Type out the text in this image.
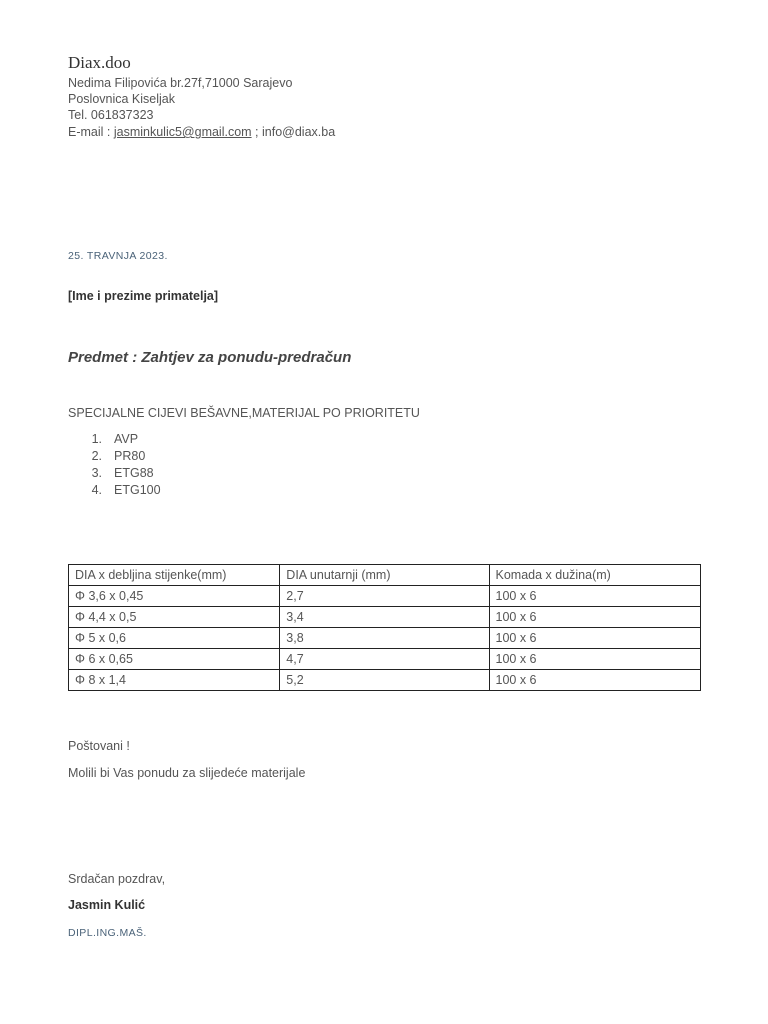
Diax.doo
Nedima Filipovića br.27f,71000 Sarajevo
Poslovnica Kiseljak
Tel. 061837323
E-mail : jasminkulic5@gmail.com ; info@diax.ba
25. TRAVNJA 2023.
[Ime i prezime primatelja]
Predmet : Zahtjev za ponudu-predračun
SPECIJALNE CIJEVI BEŠAVNE,MATERIJAL PO PRIORITETU
1. AVP
2. PR80
3. ETG88
4. ETG100
DIA x debljina stijenke(mm)	DIA unutarnji (mm)	Komada x dužina(m)
Φ 3,6 x 0,45	2,7	100 x 6
Φ 4,4 x 0,5	3,4	100 x 6
Φ 5 x 0,6	3,8	100 x 6
Φ 6 x 0,65	4,7	100 x 6
Φ 8 x 1,4	5,2	100 x 6
Poštovani !
Molili bi Vas ponudu za slijedeće materijale
Srdačan pozdrav,
Jasmin Kulić
DIPL.ING.MAŠ.
